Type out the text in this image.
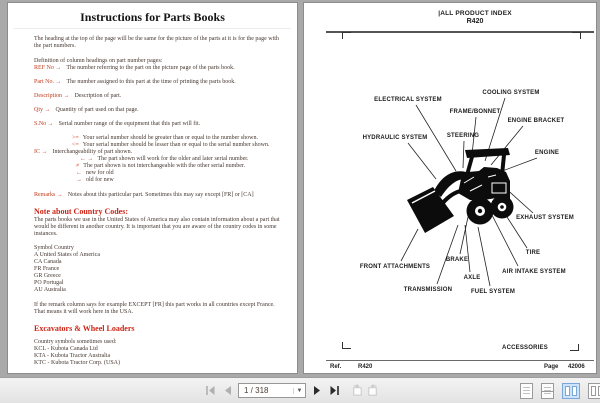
Instructions for Parts Books
The heading at the top of the page will be the same for the picture of the parts at it is for the page with the part numbers.
Definition of column headings on part number pages:
REF No → The number referring to the part on the picture page of the parts book.
Part No. → The number assigned to this part at the time of printing the parts book.
Description → Description of part.
Qty → Quantity of part used on that page.
S.No → Serial number range of the equipment that this part will fit.
>= Your serial number should be greater than or equal to the number shown.
<= Your serial number should be lesser than or equal to the serial number shown.
IC → Interchangeability of part shown.
← → The part shown will work for the older and later serial number.
≠ The part shown is not interchangeable with the other serial number.
← new for old
→ old for new
Remarks → Notes about this particular part. Sometimes this may say except [FR] or [CA]
Note about Country Codes:
The parts books we use in the United States of America may also contain information about a part that would be different in another country. It is important that you are aware of the country codes in some instances.
Symbol Country
A United States of America
CA Canada
FR France
GR Greece
PO Portugal
AU Australia
If the remark column says for example EXCEPT [FR] this part works in all countries except France.
That means it will work here in the USA.
Excavators & Wheel Loaders
Country symbols sometimes used:
KCL - Kubota Canada Ltd
KTA - Kubota Tractor Australia
KTC - Kubota Tractor Corp. (USA)
|ALL PRODUCT INDEX
R420
ELECTRICAL SYSTEM
COOLING SYSTEM
FRAME/BONNET
ENGINE BRACKET
STEERING
HYDRAULIC SYSTEM
ENGINE
EXHAUST SYSTEM
TIRE
AIR INTAKE SYSTEM
FUEL SYSTEM
AXLE
BRAKE
TRANSMISSION
FRONT ATTACHMENTS
ACCESSORIES
Ref.	R420	Page 42006
1 / 318	▼
